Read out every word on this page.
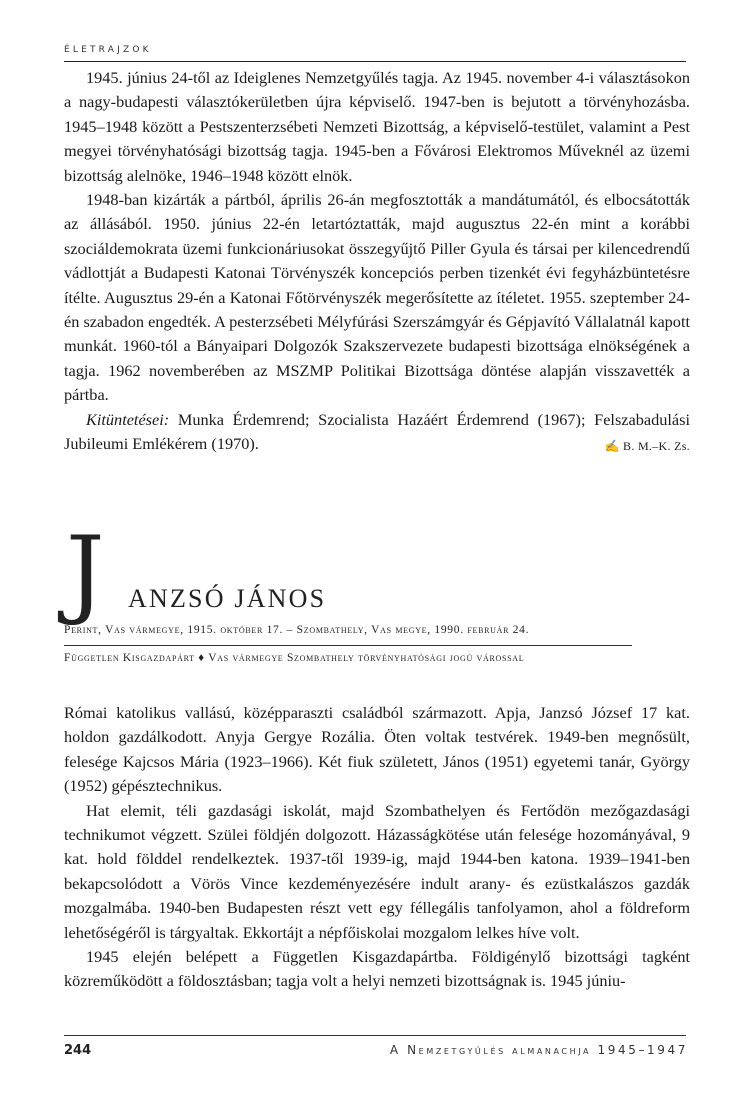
ÉLETRAJZOK

1945. június 24-től az Ideiglenes Nemzetgyűlés tagja. Az 1945. november 4-i választásokon a nagy-budapesti választókerületben újra képviselő. 1947-ben is bejutott a törvényhozásba. 1945–1948 között a Pestszenterzsébeti Nemzeti Bizottság, a képviselő-testület, valamint a Pest megyei törvényhatósági bizottság tagja. 1945-ben a Fővárosi Elektromos Műveknél az üzemi bizottság alelnöke, 1946–1948 között elnök.

1948-ban kizárták a pártból, április 26-án megfosztották a mandátumától, és elbocsátották az állásából. 1950. június 22-én letartóztatták, majd augusztus 22-én mint a korábbi szociáldemokrata üzemi funkcionáriusokat összegyűjtő Piller Gyula és társai per kilencedrendű vádlottját a Budapesti Katonai Törvényszék koncepciós perben tizenkét évi fegyházbüntetésre ítélte. Augusztus 29-én a Katonai Főtörvényszék megerősítette az ítéletet. 1955. szeptember 24-én szabadon engedték. A pesterzsébeti Mélyfúrási Szerszámgyár és Gépjavító Vállalatnál kapott munkát. 1960-tól a Bányaipari Dolgozók Szakszervezete budapesti bizottsága elnökségének a tagja. 1962 novemberében az MSZMP Politikai Bizottsága döntése alapján visszavették a pártba.

Kitüntetései: Munka Érdemrend; Szocialista Hazáért Érdemrend (1967); Felszabadulási Jubileumi Emlékérem (1970).	✍ B. M.–K. Zs.

J ANZSÓ JÁNOS
Perint, Vas vármegye, 1915. október 17. – Szombathely, Vas megye, 1990. február 24.
Független Kisgazdapárt ♦ Vas vármegye Szombathely törvényhatósági jogú várossal

Római katolikus vallású, középparaszti családból származott. Apja, Janzsó József 17 kat. holdon gazdálkodott. Anyja Gergye Rozália. Öten voltak testvérek. 1949-ben megnősült, felesége Kajcsos Mária (1923–1966). Két fiuk született, János (1951) egyetemi tanár, György (1952) gépésztechnikus.

Hat elemit, téli gazdasági iskolát, majd Szombathelyen és Fertődön mezőgazdasági technikumot végzett. Szülei földjén dolgozott. Házasságkötése után felesége hozományával, 9 kat. hold földdel rendelkeztek. 1937-től 1939-ig, majd 1944-ben katona. 1939–1941-ben bekapcsolódott a Vörös Vince kezdeményezésére indult arany- és ezüstkalászos gazdák mozgalmába. 1940-ben Budapesten részt vett egy féllegális tanfolyamon, ahol a földreform lehetőségéről is tárgyaltak. Ekkortájt a népfőiskolai mozgalom lelkes híve volt.

1945 elején belépett a Független Kisgazdapártba. Földigénylő bizottsági tagként közreműködött a földosztásban; tagja volt a helyi nemzeti bizottságnak is. 1945 júniu-

244	A Nemzetgyűlés almanachja 1945–1947
